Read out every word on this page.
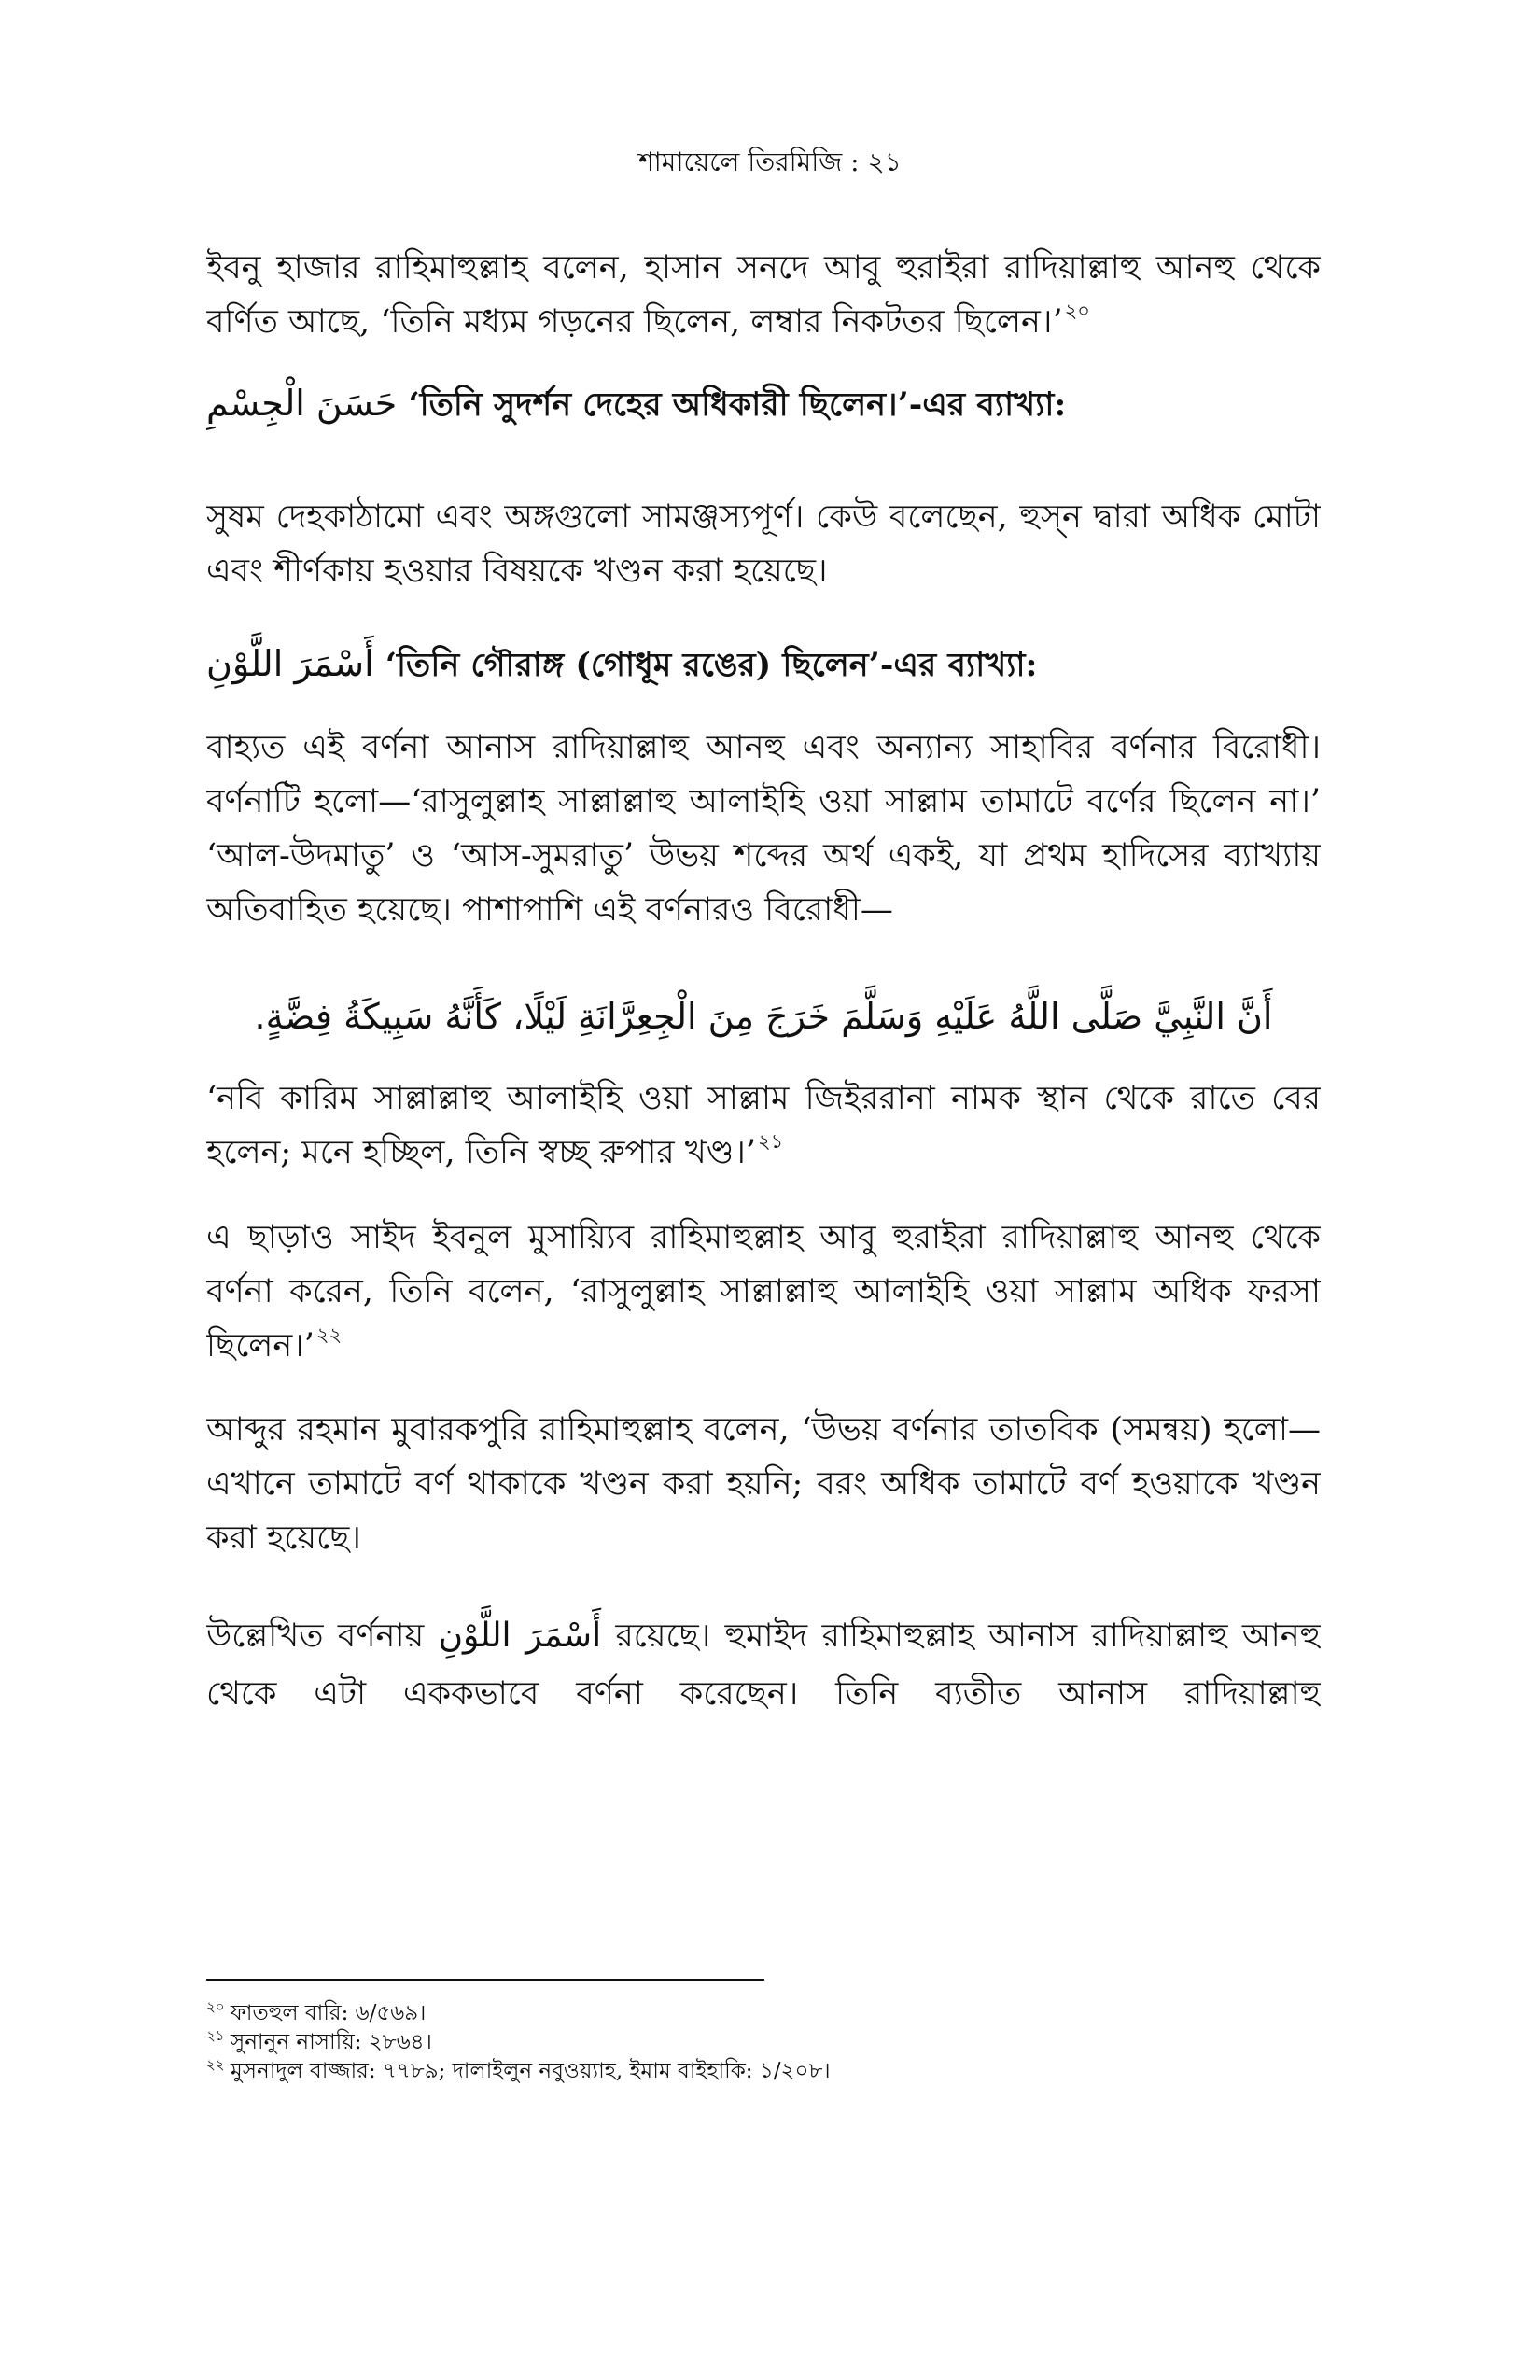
শামায়েলে তিরমিজি : ২১

ইবনু হাজার রাহিমাহুল্লাহ বলেন, হাসান সনদে আবু হুরাইরা রাদিয়াল্লাহু আনহু থেকে বর্ণিত আছে, ‘তিনি মধ্যম গড়নের ছিলেন, লম্বার নিকটতর ছিলেন।’$^{২০}$

حَسَنَ الْجِسْمِ ‘তিনি সুদর্শন দেহের অধিকারী ছিলেন।’-এর ব্যাখ্যা:

সুষম দেহকাঠামো এবং অঙ্গগুলো সামঞ্জস্যপূর্ণ। কেউ বলেছেন, হুস্‌ন দ্বারা অধিক মোটা এবং শীর্ণকায় হওয়ার বিষয়কে খণ্ডন করা হয়েছে।

أَسْمَرَ اللَّوْنِ ‘তিনি গৌরাঙ্গ (গোধূম রঙের) ছিলেন’-এর ব্যাখ্যা:

বাহ্যত এই বর্ণনা আনাস রাদিয়াল্লাহু আনহু এবং অন্যান্য সাহাবির বর্ণনার বিরোধী। বর্ণনাটি হলো—‘রাসুলুল্লাহ সাল্লাল্লাহু আলাইহি ওয়া সাল্লাম তামাটে বর্ণের ছিলেন না।’ ‘আল-উদমাতু’ ও ‘আস-সুমরাতু’ উভয় শব্দের অর্থ একই, যা প্রথম হাদিসের ব্যাখ্যায় অতিবাহিত হয়েছে। পাশাপাশি এই বর্ণনারও বিরোধী—

أَنَّ النَّبِيَّ صَلَّى اللَّهُ عَلَيْهِ وَسَلَّمَ خَرَجَ مِنَ الْجِعِرَّانَةِ لَيْلًا، كَأَنَّهُ سَبِيكَةُ فِضَّةٍ.

‘নবি কারিম সাল্লাল্লাহু আলাইহি ওয়া সাল্লাম জিইররানা নামক স্থান থেকে রাতে বের হলেন; মনে হচ্ছিল, তিনি স্বচ্ছ রুপার খণ্ড।’$^{২১}$

এ ছাড়াও সাইদ ইবনুল মুসায়্যিব রাহিমাহুল্লাহ আবু হুরাইরা রাদিয়াল্লাহু আনহু থেকে বর্ণনা করেন, তিনি বলেন, ‘রাসুলুল্লাহ সাল্লাল্লাহু আলাইহি ওয়া সাল্লাম অধিক ফরসা ছিলেন।’$^{২২}$

আব্দুর রহমান মুবারকপুরি রাহিমাহুল্লাহ বলেন, ‘উভয় বর্ণনার তাতবিক (সমন্বয়) হলো—এখানে তামাটে বর্ণ থাকাকে খণ্ডন করা হয়নি; বরং অধিক তামাটে বর্ণ হওয়াকে খণ্ডন করা হয়েছে।

উল্লেখিত বর্ণনায় أَسْمَرَ اللَّوْنِ রয়েছে। হুমাইদ রাহিমাহুল্লাহ আনাস রাদিয়াল্লাহু আনহু থেকে এটা এককভাবে বর্ণনা করেছেন। তিনি ব্যতীত আনাস রাদিয়াল্লাহু

২০ ফাতহুল বারি: ৬/৫৬৯।
২১ সুনানুন নাসায়ি: ২৮৬৪।
২২ মুসনাদুল বাজ্জার: ৭৭৮৯; দালাইলুন নবুওয়্যাহ, ইমাম বাইহাকি: ১/২০৮।
